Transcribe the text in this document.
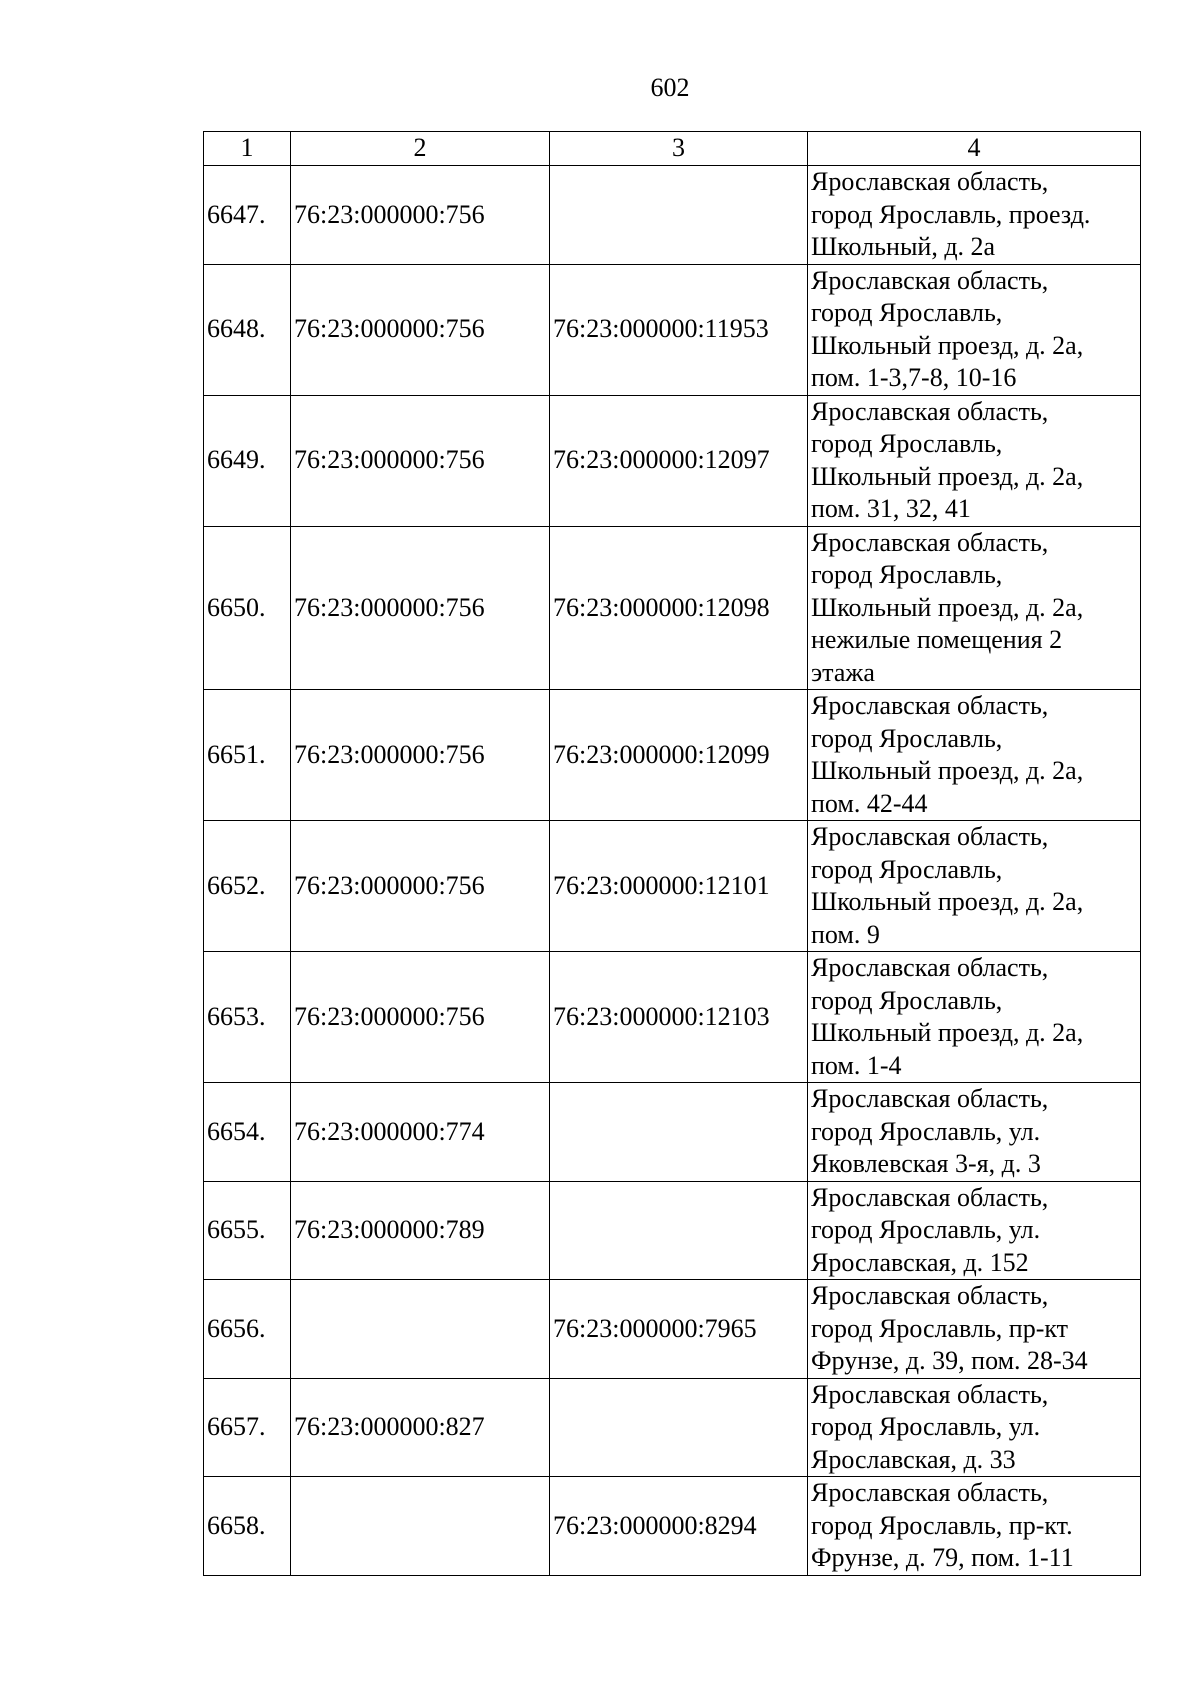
602
1	2	3	4
6647.	76:23:000000:756		Ярославская область,
город Ярославль, проезд.
Школьный, д. 2а

6648.	76:23:000000:756	76:23:000000:11953	Ярославская область,
город Ярославль,
Школьный проезд, д. 2а,
пом. 1-3,7-8, 10-16

6649.	76:23:000000:756	76:23:000000:12097	Ярославская область,
город Ярославль,
Школьный проезд, д. 2а,
пом. 31, 32, 41

6650.	76:23:000000:756	76:23:000000:12098	Ярославская область,
город Ярославль,
Школьный проезд, д. 2а,
нежилые помещения 2
этажа

6651.	76:23:000000:756	76:23:000000:12099	Ярославская область,
город Ярославль,
Школьный проезд, д. 2а,
пом. 42-44

6652.	76:23:000000:756	76:23:000000:12101	Ярославская область,
город Ярославль,
Школьный проезд, д. 2а,
пом. 9

6653.	76:23:000000:756	76:23:000000:12103	Ярославская область,
город Ярославль,
Школьный проезд, д. 2а,
пом. 1-4

6654.	76:23:000000:774		Ярославская область,
город Ярославль, ул.
Яковлевская 3-я, д. 3

6655.	76:23:000000:789		Ярославская область,
город Ярославль, ул.
Ярославская, д. 152

6656.		76:23:000000:7965	Ярославская область,
город Ярославль, пр-кт
Фрунзе, д. 39, пом. 28-34

6657.	76:23:000000:827		Ярославская область,
город Ярославль, ул.
Ярославская, д. 33

6658.		76:23:000000:8294	Ярославская область,
город Ярославль, пр-кт.
Фрунзе, д. 79, пом. 1-11
